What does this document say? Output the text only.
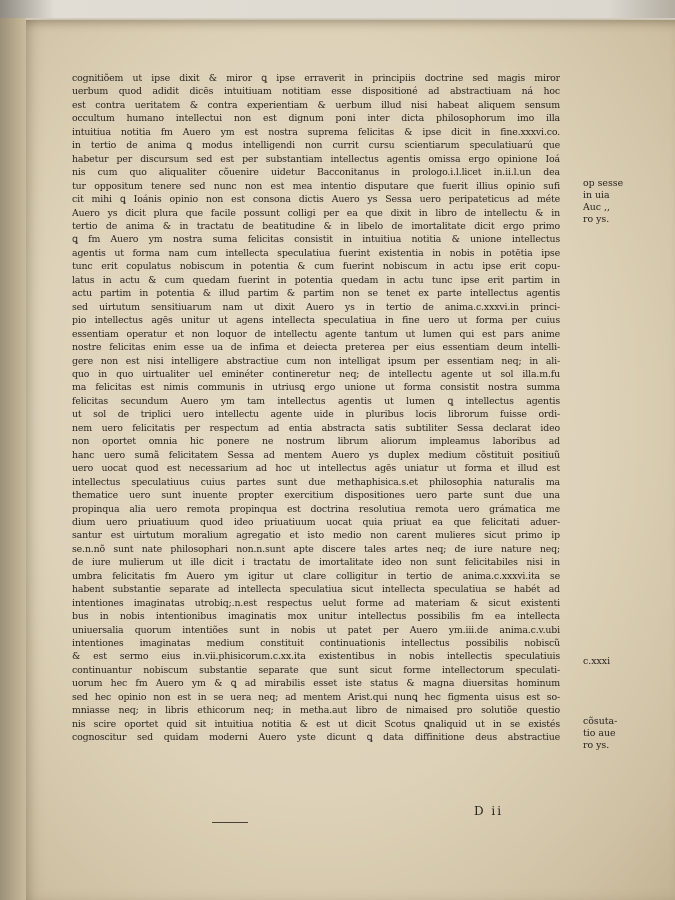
cognitiõem ut ipse dixit & miror ꝗ ipse erraverit in principiis doctrine sed magis miror
uerbum quod adidit dicēs intuitiuam notitiam esse dispositioné ad abstractiuam ná hoc
est contra ueritatem & contra experientiam & uerbum illud nisi habeat aliquem sensum
occultum humano intellectui non est dignum poni inter dicta philosophorum imo illa
intuitiua notitia fm Auero ym est nostra suprema felicitas & ipse dicit in fine.xxxvi.co.
in tertio de anima ꝗ modus intelligendi non currit cursu scientiarum speculatiuarú que
habetur per discursum sed est per substantiam intellectus agentis omissa ergo opinione Ioá
nis cum quo aliqualiter cõuenire uidetur Bacconitanus in prologo.i.l.licet in.ii.l.un dea
tur oppositum tenere sed nunc non est mea intentio disputare que fuerit illius opinio sufi
cit mihi ꝗ Ioánis opinio non est consona dictis Auero ys Sessa uero peripateticus ad méte
Auero ys dicit plura que facile possunt colligi per ea que dixit in libro de intellectu & in
tertio de anima & in tractatu de beatitudine & in libelo de imortalitate dicit ergo primo
ꝗ fm Auero ym nostra suma felicitas consistit in intuitiua notitia & unione intellectus
agentis ut forma nam cum intellecta speculatiua fuerint existentia in nobis in potētia ipse
tunc erit copulatus nobiscum in potentia & cum fuerint nobiscum in actu ipse erit copu-
latus in actu & cum quedam fuerint in potentia quedam in actu tunc ipse erit partim in
actu partim in potentia & illud partim & partim non se tenet ex parte intellectus agentis
sed uirtutum sensitiuarum nam ut dixit Auero ys in tertio de anima.c.xxxvi.in princi-
pio intellectus agēs unitur ut agens intellecta speculatiua in fine uero ut forma per cuius
essentiam operatur et non loquor de intellectu agente tantum ut lumen qui est pars anime
nostre felicitas enim esse ua de infima et deiecta preterea per eius essentiam deum intelli-
gere non est nisi intelligere abstractiue cum non intelligat ipsum per essentiam neq; in ali-
quo in quo uirtualiter uel eminéter contineretur neq; de intellectu agente ut sol illa.m.fu
ma felicitas est nimis communis in utriusꝗ ergo unione ut forma consistit nostra summa
felicitas secundum Auero ym tam intellectus agentis ut lumen ꝗ intellectus agentis
ut sol de triplici uero intellectu agente uide in pluribus locis librorum fuisse ordi-
nem uero felicitatis per respectum ad entia abstracta satis subtiliter Sessa declarat ideo
non oportet omnia hic ponere ne nostrum librum aliorum impleamus laboribus ad
hanc uero sumã felicitatem Sessa ad mentem Auero ys duplex medium cõstituit positiuũ
uero uocat quod est necessarium ad hoc ut intellectus agēs uniatur ut forma et illud est
intellectus speculatiuus cuius partes sunt due methaphisica.s.et philosophia naturalis ma
thematice uero sunt inuente propter exercitium dispositiones uero parte sunt due una
propinqua alia uero remota propinqua est doctrina resolutiua remota uero grámatica me
dium uero priuatiuum quod ideo priuatiuum uocat quia priuat ea que felicitati aduer-
santur est uirtutum moralium agregatio et isto medio non carent mulieres sicut primo ip
se.n.nõ sunt nate philosophari non.n.sunt apte discere tales artes neq; de iure nature neq;
de iure mulierum ut ille dicit i tractatu de imortalitate ideo non sunt felicitabiles nisi in
umbra felicitatis fm Auero ym igitur ut clare colligitur in tertio de anima.c.xxxvi.ita se
habent substantie separate ad intellecta speculatiua sicut intellecta speculatiua se habét ad
intentiones imaginatas utrobiq;.n.est respectus uelut forme ad materiam & sicut existenti
bus in nobis intentionibus imaginatis mox unitur intellectus possibilis fm ea intellecta
uniuersalia quorum intentiões sunt in nobis ut patet per Auero ym.iii.de anima.c.v.ubi
intentiones imaginatas medium constituit continuationis intellectus possibilis nobiscũ
& est sermo eius in.vii.phisicorum.c.xx.ita existentibus in nobis intellectis speculatiuis
continuantur nobiscum substantie separate que sunt sicut forme intellectorum speculati-
uorum hec fm Auero ym & ꝗ ad mirabilis esset iste status & magna diuersitas hominum
sed hec opinio non est in se uera neq; ad mentem Arist.qui nunꝗ hec figmenta uisus est so-
mniasse neq; in libris ethicorum neq; in metha.aut libro de nimaised pro solutiõe questio
nis scire oportet quid sit intuitiua notitia & est ut dicit Scotus ꝗnaliquid ut in se existés
cognoscitur sed quidam moderni Auero yste dicunt ꝗ data diffinitione deus abstractiue
op sesse
in uia
Auc ,,
ro ys.
c.xxxi
cõsuta-
tio aue
ro ys.
D ii
